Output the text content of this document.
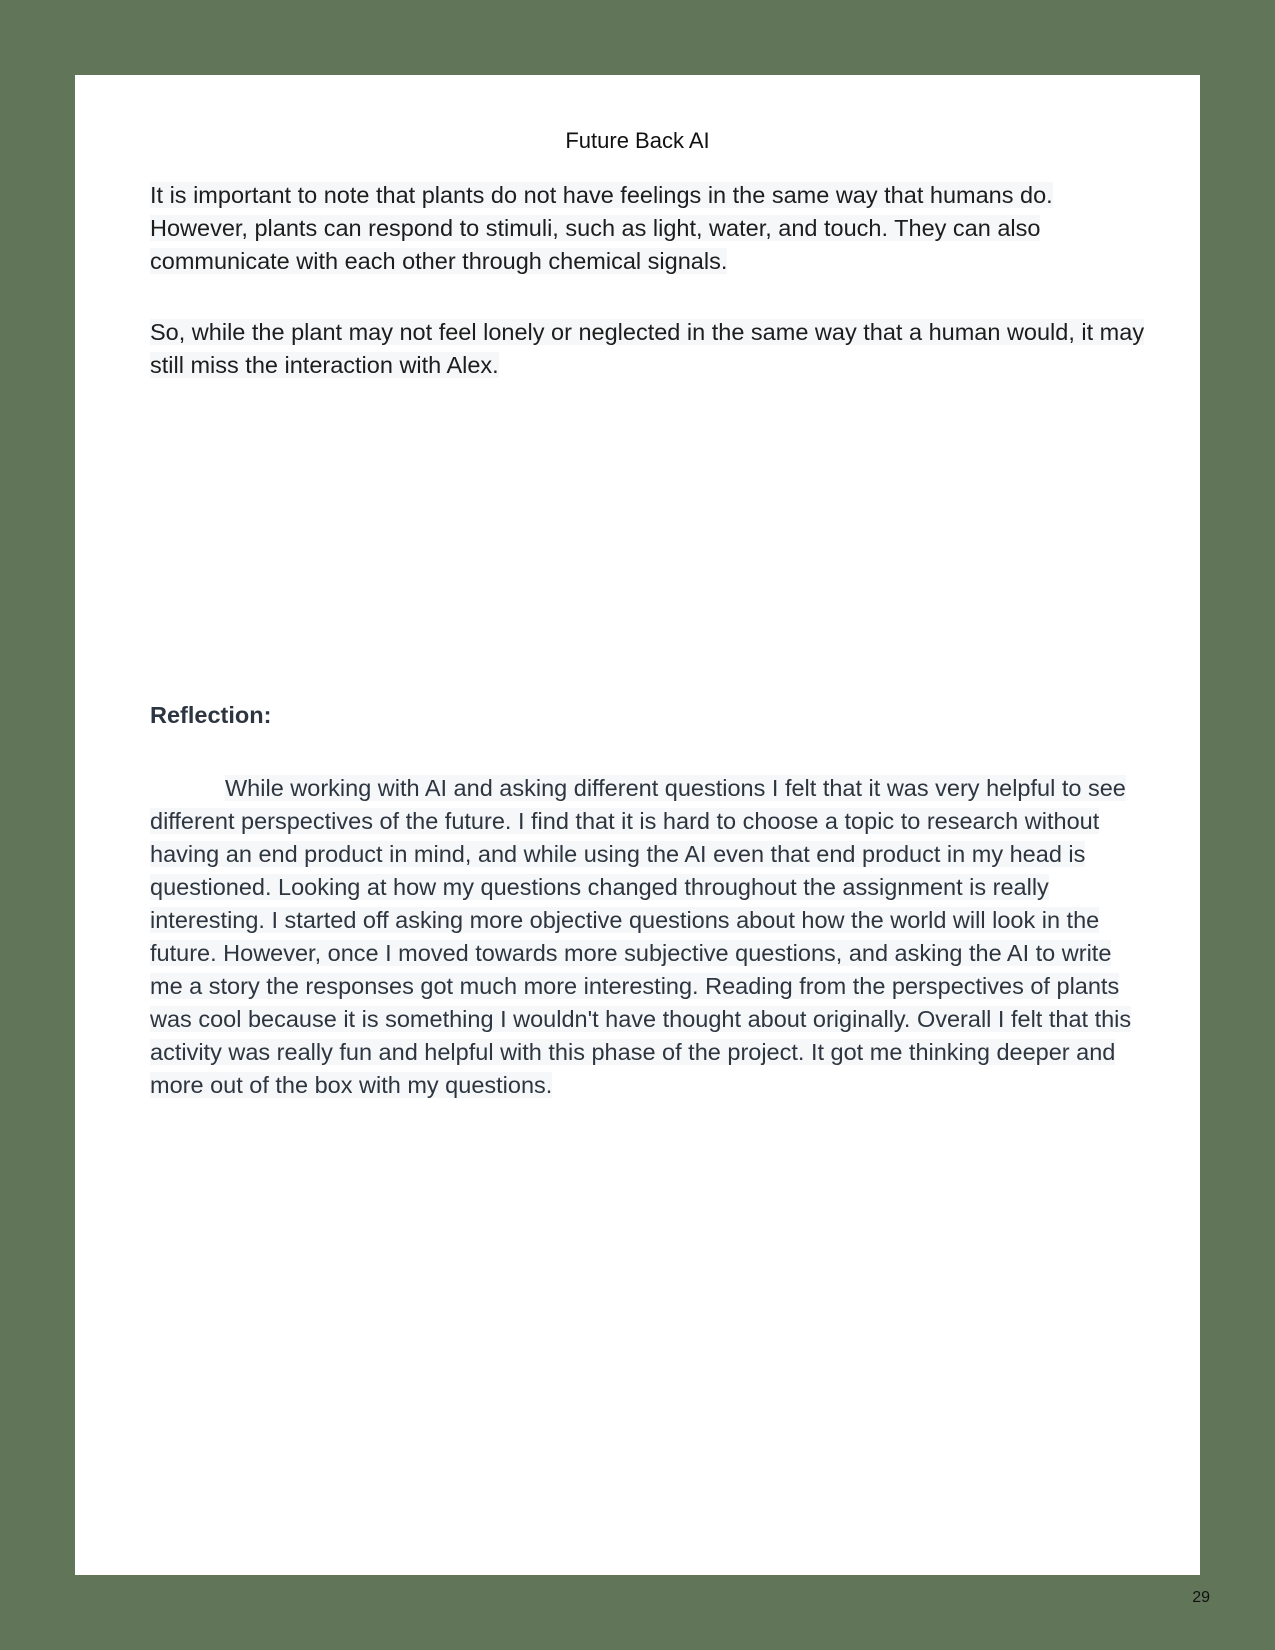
Future Back AI

It is important to note that plants do not have feelings in the same way that humans do. However, plants can respond to stimuli, such as light, water, and touch. They can also communicate with each other through chemical signals.

So, while the plant may not feel lonely or neglected in the same way that a human would, it may still miss the interaction with Alex.

Reflection:

While working with AI and asking different questions I felt that it was very helpful to see different perspectives of the future. I find that it is hard to choose a topic to research without having an end product in mind, and while using the AI even that end product in my head is questioned. Looking at how my questions changed throughout the assignment is really interesting. I started off asking more objective questions about how the world will look in the future. However, once I moved towards more subjective questions, and asking the AI to write me a story the responses got much more interesting. Reading from the perspectives of plants was cool because it is something I wouldn't have thought about originally. Overall I felt that this activity was really fun and helpful with this phase of the project. It got me thinking deeper and more out of the box with my questions.

29
